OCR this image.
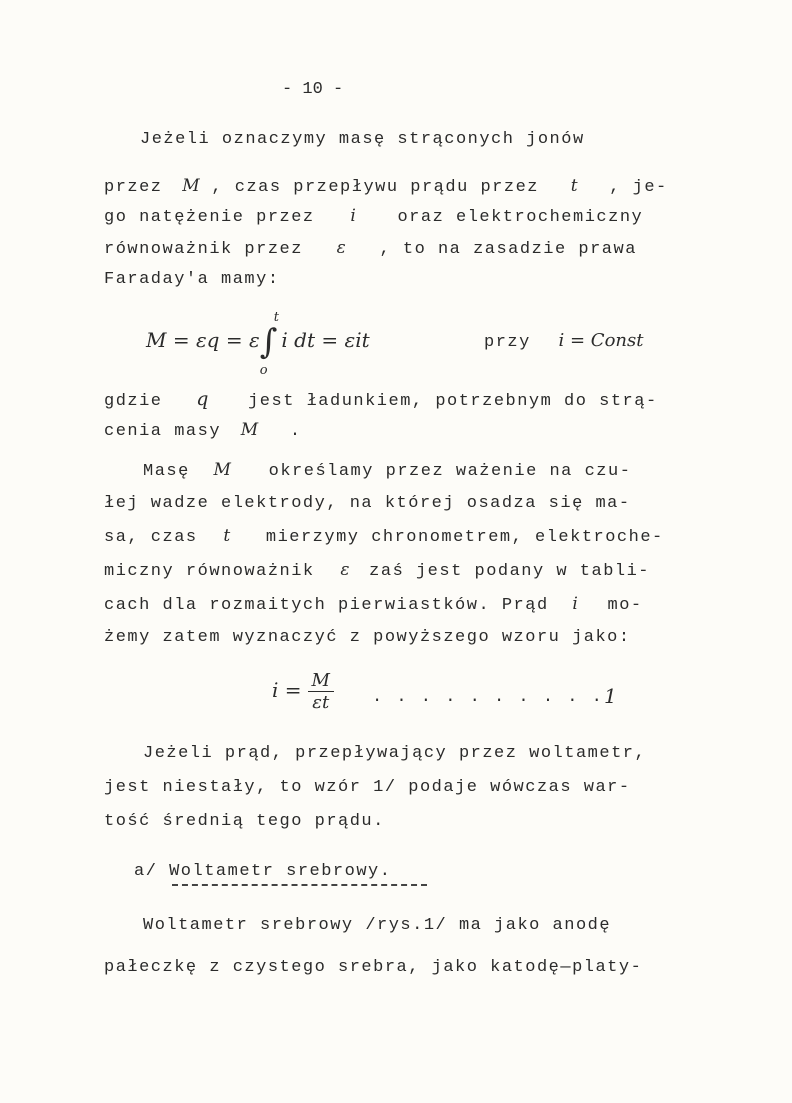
- 10 -
Jeżeli oznaczymy masę strąconych jonów
przez M , czas przepływu prądu przez t , je-
go natężenie przez i oraz elektrochemiczny
równoważnik przez ε , to na zasadzie prawa
Faraday'a mamy:
M = εq = ε∫
t
o
i dt = εit	przy i = Const
gdzie q jest ładunkiem, potrzebnym do strą-
cenia masy M .
Masę M określamy przez ważenie na czu-
łej wadze elektrody, na której osadza się ma-
sa, czas t mierzymy chronometrem, elektroche-
miczny równoważnik ε zaś jest podany w tabli-
cach dla rozmaitych pierwiastków. Prąd i mo-
żemy zatem wyznaczyć z powyższego wzoru jako:
$i = \frac{M}{\varepsilon t}$ . . . . . . . . . . 1
Jeżeli prąd, przepływający przez woltametr,
jest niestały, to wzór 1/ podaje wówczas war-
tość średnią tego prądu.
a/ Woltametr srebrowy.
Woltametr srebrowy /rys.1/ ma jako anodę
pałeczkę z czystego srebra, jako katodę—platy-
